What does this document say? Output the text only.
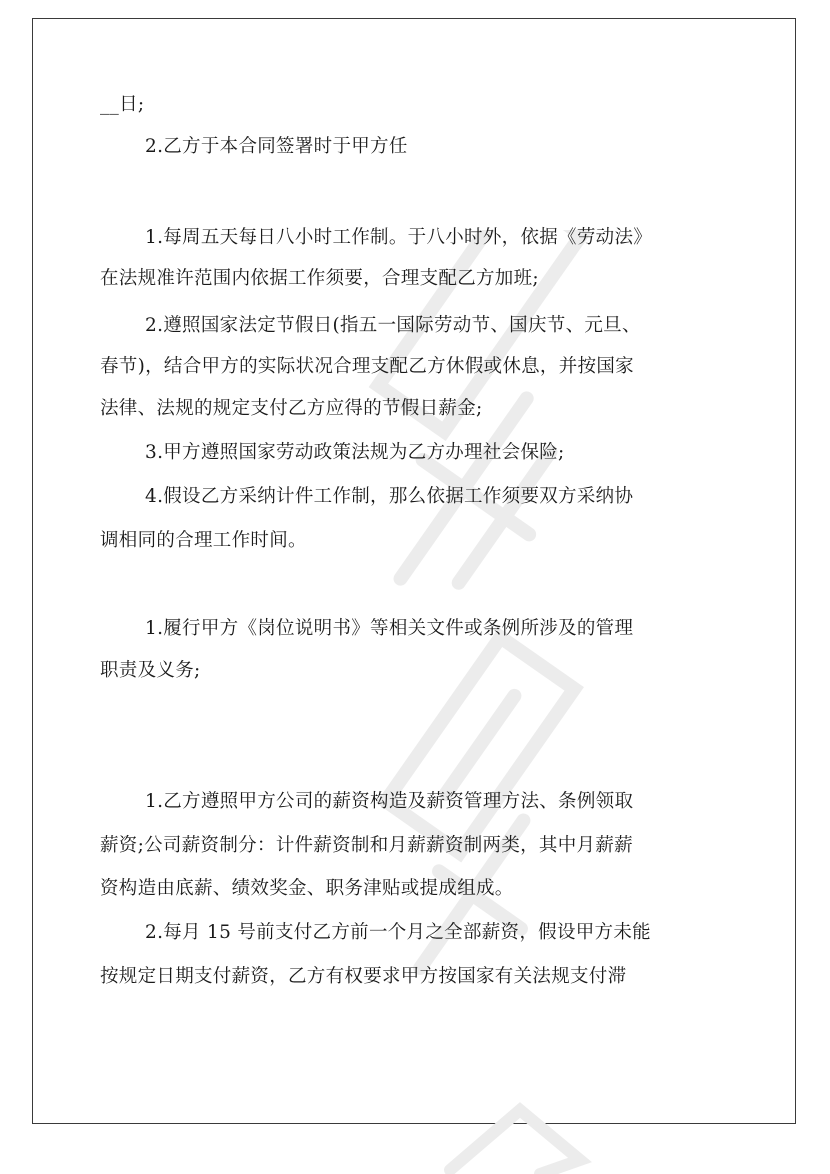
__日;
2.乙方于本合同签署时于甲方任
1.每周五天每日八小时工作制。于八小时外，依据《劳动法》
在法规准许范围内依据工作须要，合理支配乙方加班;
2.遵照国家法定节假日(指五一国际劳动节、国庆节、元旦、
春节)，结合甲方的实际状况合理支配乙方休假或休息，并按国家
法律、法规的规定支付乙方应得的节假日薪金;
3.甲方遵照国家劳动政策法规为乙方办理社会保险;
4.假设乙方采纳计件工作制，那么依据工作须要双方采纳协
调相同的合理工作时间。
1.履行甲方《岗位说明书》等相关文件或条例所涉及的管理
职责及义务;
1.乙方遵照甲方公司的薪资构造及薪资管理方法、条例领取
薪资;公司薪资制分：计件薪资制和月薪薪资制两类，其中月薪薪
资构造由底薪、绩效奖金、职务津贴或提成组成。
2.每月 15 号前支付乙方前一个月之全部薪资，假设甲方未能
按规定日期支付薪资，乙方有权要求甲方按国家有关法规支付滞
